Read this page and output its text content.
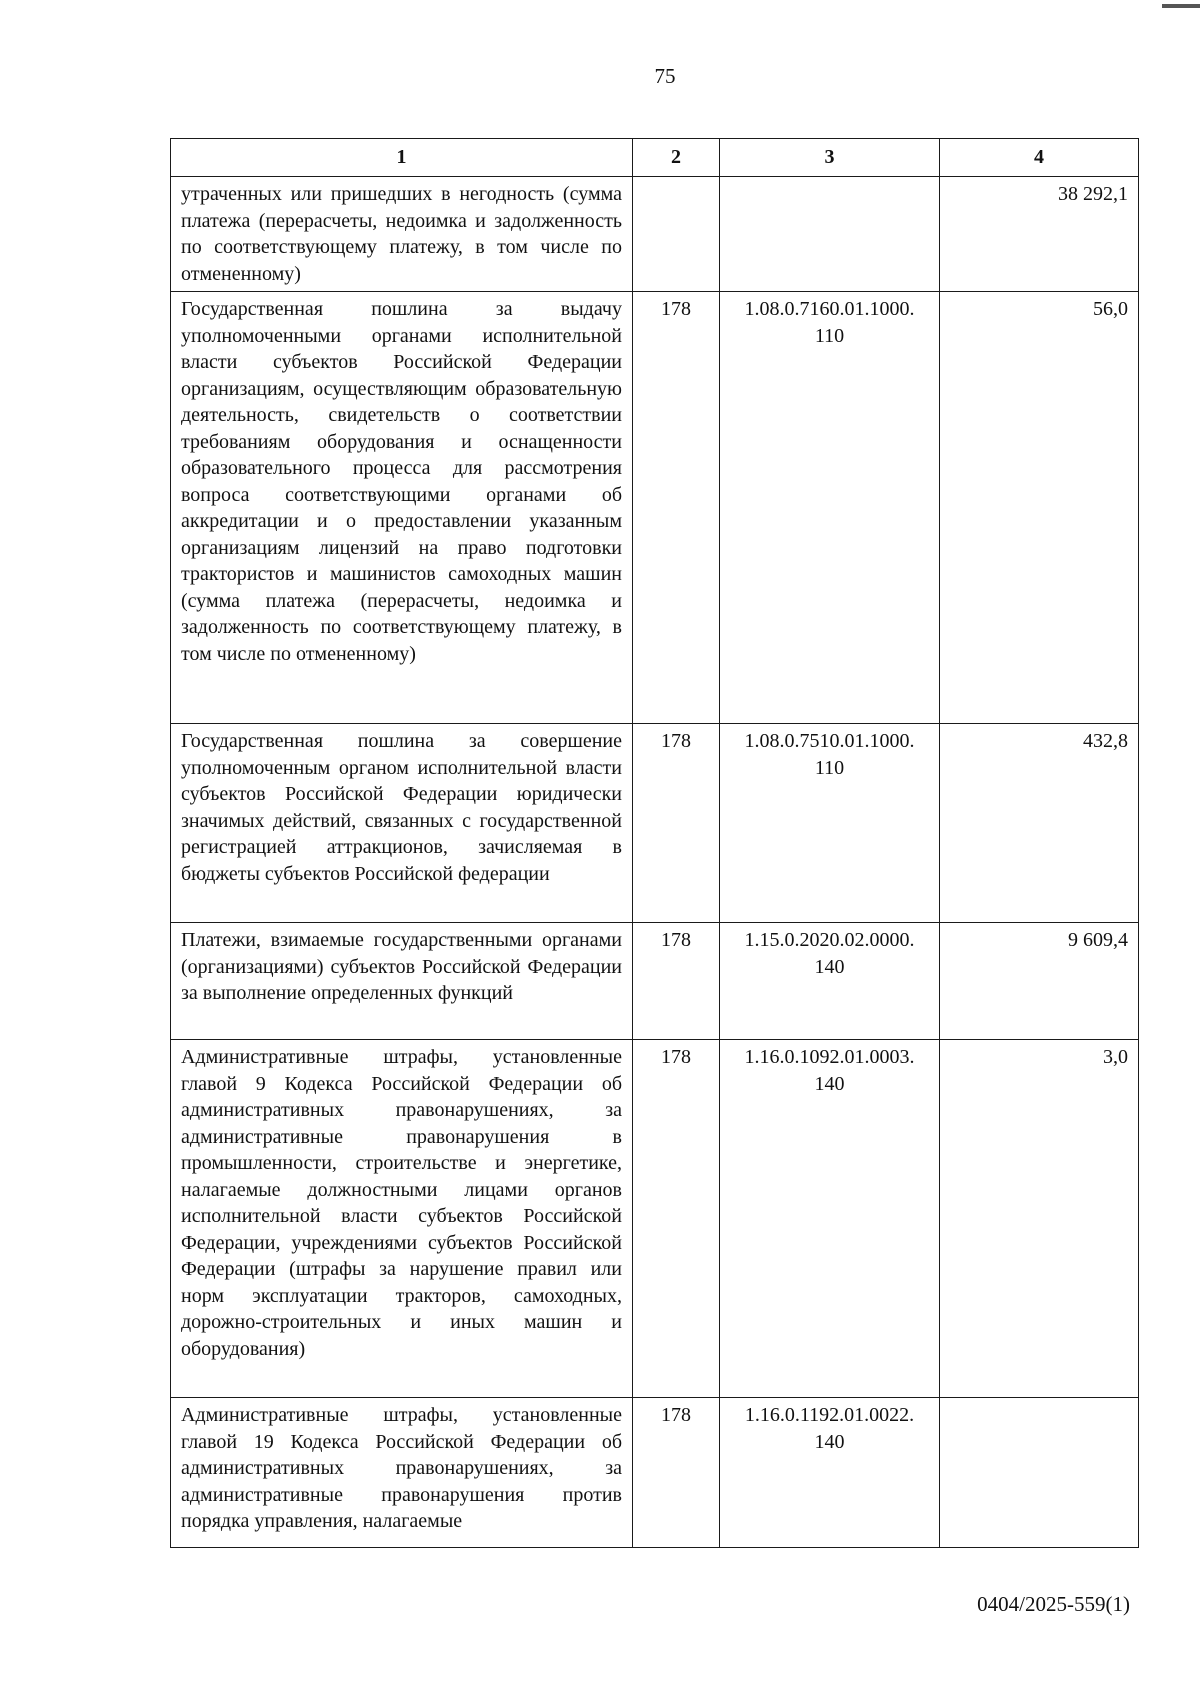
75
1	2	3	4
утраченных или пришедших в негодность (сумма платежа (перерасчеты, недоимка и задолженность по соответствующему платежу, в том числе по отмененному)			38 292,1
Государственная пошлина за выдачу уполномоченными органами исполнительной власти субъектов Российской Федерации организациям, осуществляющим образовательную деятельность, свидетельств о соответствии требованиям оборудования и оснащенности образовательного процесса для рассмотрения вопроса соответствующими органами об аккредитации и о предоставлении указанным организациям лицензий на право подготовки трактористов и машинистов самоходных машин (сумма платежа (перерасчеты, недоимка и задолженность по соответствующему платежу, в том числе по отмененному)	178	1.08.0.7160.01.1000. 110	56,0
Государственная пошлина за совершение уполномоченным органом исполнительной власти субъектов Российской Федерации юридически значимых действий, связанных с государственной регистрацией аттракционов, зачисляемая в бюджеты субъектов Российской федерации	178	1.08.0.7510.01.1000. 110	432,8
Платежи, взимаемые государственными органами (организациями) субъектов Российской Федерации за выполнение определенных функций	178	1.15.0.2020.02.0000. 140	9 609,4
Административные штрафы, установленные главой 9 Кодекса Российской Федерации об административных правонарушениях, за административные правонарушения в промышленности, строительстве и энергетике, налагаемые должностными лицами органов исполнительной власти субъектов Российской Федерации, учреждениями субъектов Российской Федерации (штрафы за нарушение правил или норм эксплуатации тракторов, самоходных, дорожно-строительных и иных машин и оборудования)	178	1.16.0.1092.01.0003. 140	3,0
Административные штрафы, установленные главой 19 Кодекса Российской Федерации об административных правонарушениях, за административные правонарушения против порядка управления, налагаемые	178	1.16.0.1192.01.0022. 140	
0404/2025-559(1)
